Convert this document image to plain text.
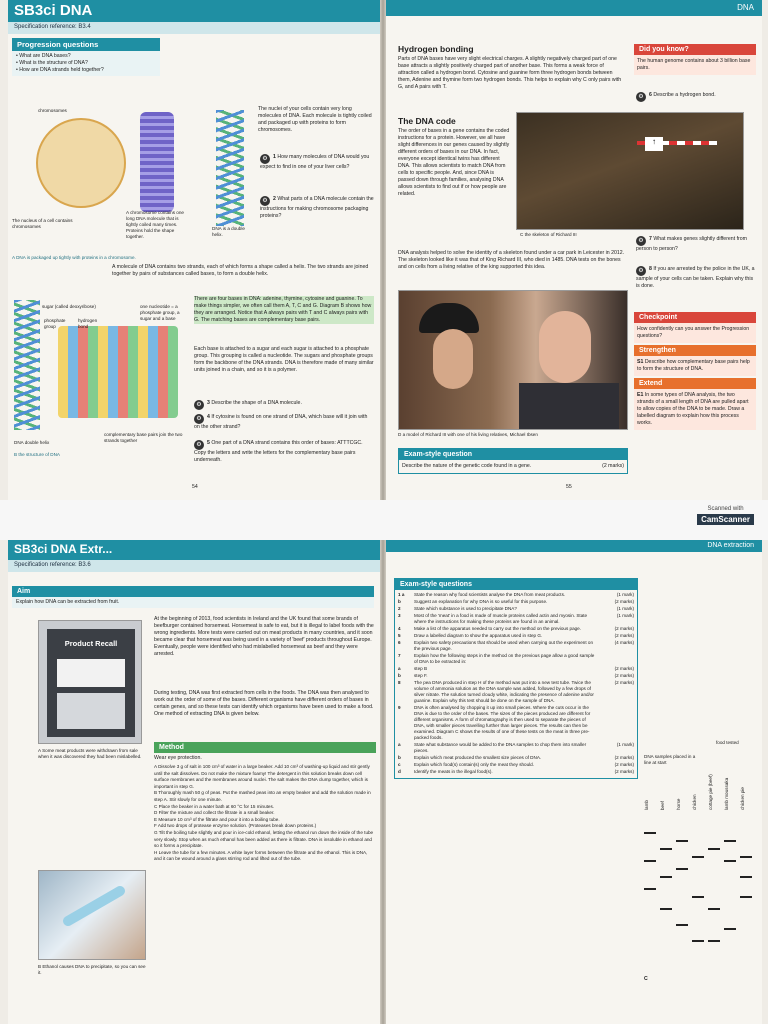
SB3ci DNA
Specification reference: B3.4
Progression questions
• What are DNA bases?
• What is the structure of DNA?
• How are DNA strands held together?
chromosomes
The nucleus of a cell contains chromosomes
A chromosome contains one long DNA molecule that is tightly coiled many times. Proteins hold the shape together.
DNA is a double helix.
A DNA is packaged up tightly with proteins in a chromosome.
The nuclei of your cells contain very long molecules of DNA. Each molecule is tightly coiled and packaged up with proteins to form chromosomes.
⚙ 1 How many molecules of DNA would you expect to find in one of your liver cells?
⚙ 2 What parts of a DNA molecule contain the instructions for making chromosome packaging proteins?
A molecule of DNA contains two strands, each of which forms a shape called a helix. The two strands are joined together by pairs of substances called bases, to form a double helix.
sugar (called deoxyribose)
phosphate group
hydrogen bond
one nucleotide = a phosphate group, a sugar and a base
complementary base pairs join the two strands together
DNA double helix
B the structure of DNA
There are four bases in DNA: adenine, thymine, cytosine and guanine. To make things simpler, we often call them A, T, C and G. Diagram B shows how they are arranged. Notice that A always pairs with T and C always pairs with G. The matching bases are complementary base pairs.
Each base is attached to a sugar and each sugar is attached to a phosphate group. This grouping is called a nucleotide. The sugars and phosphate groups form the backbone of the DNA strands. DNA is therefore made of many similar units joined in a chain, and so it is a polymer.
⚙ 3 Describe the shape of a DNA molecule.
⚙ 4 If cytosine is found on one strand of DNA, which base will it join with on the other strand?
⚙ 5 One part of a DNA strand contains this order of bases: ATTTCGC. Copy the letters and write the letters for the complementary base pairs underneath.
54
DNA
Hydrogen bonding
Parts of DNA bases have very slight electrical charges. A slightly negatively charged part of one base attracts a slightly positively charged part of another base. This forms a weak force of attraction called a hydrogen bond. Cytosine and guanine form three hydrogen bonds between them, Adenine and thymine form two hydrogen bonds. This helps to explain why C only pairs with G, and A pairs with T.
Did you know?
The human genome contains about 3 billion base pairs.
⚙ 6 Describe a hydrogen bond.
The DNA code
The order of bases in a gene contains the coded instructions for a protein. However, we all have slight differences in our genes caused by slightly different orders of bases in our DNA. In fact, everyone except identical twins has different DNA. This allows scientists to match DNA from cells to specific people. And, since DNA is passed down through families, analysing DNA allows scientists to find out if or how people are related.
↑
C the skeleton of Richard III
⚙ 7 What makes genes slightly different from person to person?
⚙ 8 If you are arrested by the police in the UK, a sample of your cells can be taken. Explain why this is done.
DNA analysis helped to solve the identity of a skeleton found under a car park in Leicester in 2012. The skeleton looked like it was that of King Richard III, who died in 1485. DNA tests on the bones and on cells from a living relative of the king supported this idea.
D a model of Richard III with one of his living relatives, Michael Ibsen
Checkpoint
How confidently can you answer the Progression questions?
Strengthen
S1 Describe how complementary base pairs help to form the structure of DNA.
Extend
E1 In some types of DNA analysis, the two strands of a small length of DNA are pulled apart to allow copies of the DNA to be made. Draw a labelled diagram to explain how this process works.
Exam-style question
Describe the nature of the genetic code found in a gene.	(2 marks)
55
Scanned with
CamScanner
SB3ci DNA Extr...
Specification reference: B3.6
Aim
Explain how DNA can be extracted from fruit.
Product Recall
A Some meat products were withdrawn from sale when it was discovered they had been mislabelled.
At the beginning of 2013, food scientists in Ireland and the UK found that some brands of beefburger contained horsemeat. Horsemeat is safe to eat, but it is illegal to label foods with the wrong ingredients. More tests were carried out on meat products in many countries, and it soon became clear that horsemeat was being used in a variety of 'beef' products throughout Europe. Eventually, people were identified who had mislabelled horsemeat as beef and they were arrested.
During testing, DNA was first extracted from cells in the foods. The DNA was then analysed to work out the order of some of the bases. Different organisms have different orders of bases in certain genes, and so these tests can identify which organisms have been used to make a food. One method of extracting DNA is given below.
Method
Wear eye protection.
A Dissolve 3 g of salt in 100 cm³ of water in a large beaker. Add 10 cm³ of washing-up liquid and stir gently until the salt dissolves. Do not make the mixture foamy! The detergent in this solution breaks down cell surface membranes and the membranes around nuclei. The salt makes the DNA clump together, which is important in step G.
B Thoroughly mash 50 g of peas. Put the mashed peas into an empty beaker and add the solution made in step A. Stir slowly for one minute.
C Place the beaker in a water bath at 60 °C for 15 minutes.
D Filter the mixture and collect the filtrate in a small beaker.
E Measure 10 cm³ of the filtrate and pour it into a boiling tube.
F Add two drops of protease enzyme solution. (Proteases break down proteins.)
G Tilt the boiling tube slightly and pour in ice-cold ethanol, letting the ethanol run down the inside of the tube very slowly. Stop when as much ethanol has been added as there is filtrate. DNA is insoluble in ethanol and so it forms a precipitate.
H Leave the tube for a few minutes. A white layer forms between the filtrate and the ethanol. This is DNA, and it can be wound around a glass stirring rod and lifted out of the tube.
B Ethanol causes DNA to precipitate, so you can see it.
DNA extraction
Exam-style questions
1 a	State the reason why food scientists analyse the DNA from meat products.	(1 mark)
b	Suggest an explanation for why DNA is so useful for this purpose.	(2 marks)
2	State which substance is used to precipitate DNA?	(1 mark)
3	Most of the 'meat' in a food is made of muscle proteins called actin and myosin. State where the instructions for making these proteins are found in an animal.
(1 mark)
4	Make a list of the apparatus needed to carry out the method on the previous page.	(2 marks)
5	Draw a labelled diagram to show the apparatus used in step G.	(2 marks)
6	Explain two safety precautions that should be used when carrying out the experiment on the previous page.
(4 marks)
7	Explain how the following steps in the method on the previous page allow a good sample of DNA to be extracted in:
a	step B	(2 marks)
b	step F.	(2 marks)
8	The pea DNA produced in step H of the method was put into a new test tube. Twice the volume of ammonia solution as the DNA sample was added, followed by a few drops of silver nitrate. The solution turned cloudy white, indicating the presence of adenine and/or guanine. Explain why this test should be done on the sample of DNA.
(2 marks)
9	DNA is often analysed by chopping it up into small pieces. Where the cuts occur in the DNA is due to the order of the bases. The sizes of the pieces produced are different for different organisms. A form of chromatography is then used to separate the pieces of DNA, with smaller pieces travelling further than larger pieces. The results can then be examined. Diagram C shows the results of one of these tests on the meat in three pre-packed foods.
a	State what substance would be added to the DNA samples to chop them into smaller pieces.
(1 mark)
b	Explain which meat produced the smallest size pieces of DNA.	(2 marks)
c	Explain which food(s) contain(s) only the meat they should.	(2 marks)
d	Identify the meats in the illegal food(s).	(2 marks)
food tested
DNA samples placed in a line at start
lamb beef horse chicken cottage pie (beef) lamb moussaka chicken pie
C
